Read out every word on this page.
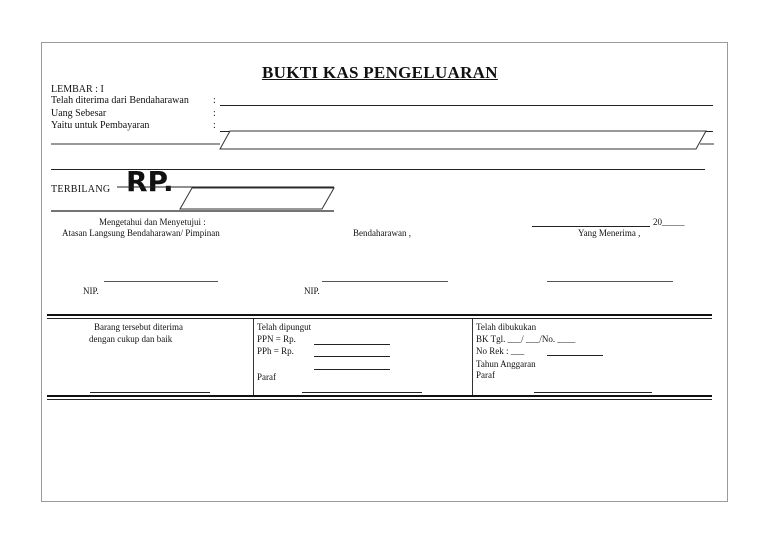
BUKTI KAS PENGELUARAN
LEMBAR : I
Telah diterima dari Bendaharawan :
Uang Sebesar	:
Yaitu untuk Pembayaran	:
TERBILANG RP.
Mengetahui dan Menyetujui :
Atasan Langsung Bendaharawan/ Pimpinan	Bendaharawan ,
20_____
Yang Menerima ,
NIP.	NIP.
Barang tersebut diterima
dengan cukup dan baik
Telah dipungut
PPN = Rp.
PPh = Rp.
Paraf
Telah dibukukan
BK Tgl. ___/ ___/No. ____
No Rek : ___
Tahun Anggaran
Paraf
